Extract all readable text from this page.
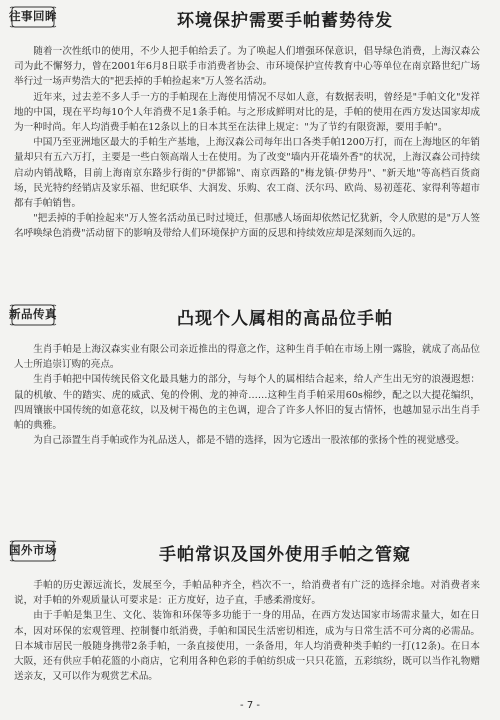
往事回眸	环境保护需要手帕蓄势待发

随着一次性纸巾的使用，不少人把手帕给丢了。为了唤起人们增强环保意识，倡导绿色消费，上海汉森公司为此不懈努力，曾在2001年6月8日联手市消费者协会、市环境保护宣传教育中心等单位在南京路世纪广场举行过一场声势浩大的"把丢掉的手帕捡起来"万人签名活动。

近年来，过去差不多人手一方的手帕现在上海使用情况不尽如人意，有数据表明，曾经是"手帕文化"发祥地的中国，现在平均每10个人年消费不足1条手帕。与之形成鲜明对比的是，手帕的使用在西方发达国家却成为一种时尚。年人均消费手帕在12条以上的日本其至在法律上规定："为了节约有限资源，要用手帕"。

中国乃至亚洲地区最大的手帕生产基地，上海汉森公司每年出口各类手帕1200万打，而在上海地区的年销量却只有五六万打，主要是一些白领高端人士在使用。为了改变"墙内开花墙外香"的状况，上海汉森公司持续启动内销战略，目前上海南京东路步行街的"伊都锦"、南京西路的"梅龙镇·伊势丹"、"新天地"等高档百货商场，民光特约经销店及家乐福、世纪联华、大润发、乐购、农工商、沃尔玛、欧尚、易初莲花、家得利等超市都有手帕销售。

"把丢掉的手帕捡起来"万人签名活动虽已时过境迁，但那感人场面却依然记忆犹新，令人欣慰的是"万人签名呼唤绿色消费"活动留下的影响及带给人们环境保护方面的反思和持续效应却是深刻而久远的。

新品传真	凸现个人属相的高品位手帕

生肖手帕是上海汉森实业有限公司亲近推出的得意之作，这种生肖手帕在市场上刚一露脸，就成了高品位人士所追崇订购的亮点。

生肖手帕把中国传统民俗文化最具魅力的部分，与每个人的属相结合起来，给人产生出无穷的浪漫遐想：鼠的机敏、牛的踏实、虎的威武、兔的伶俐、龙的神奇……这种生肖手帕采用60s棉纱，配之以大提花编织，四周镶嵌中国传统的如意花纹，以及树干褐色的主色调，迎合了许多人怀旧的复古情怀，也越加显示出生肖手帕的典雅。

为自己添置生肖手帕或作为礼品送人，都是不错的选择，因为它透出一股浓郁的张扬个性的视觉感受。

国外市场	手帕常识及国外使用手帕之管窥

手帕的历史源远流长，发展至今，手帕品种齐全，档次不一，给消费者有广泛的选择余地。对消费者来说，对手帕的外观质量认可要求是：正方度好，边子直，手感柔滑度好。

由于手帕是集卫生、文化、装饰和环保等多功能于一身的用品，在西方发达国家市场需求量大，如在日本，因对环保的宏观管理、控制餐巾纸消费，手帕和国民生活密切相连，成为与日常生活不可分离的必需品。日本城市居民一般随身携带2条手帕，一条直接使用，一条备用，年人均消费种类手帕约一打(12条)。在日本大阪，还有供应手帕花篮的小商店，它利用各种色彩的手帕纺织成一只只花篮，五彩缤纷，既可以当作礼物赠送亲友，又可以作为观赏艺术品。

- 7 -
